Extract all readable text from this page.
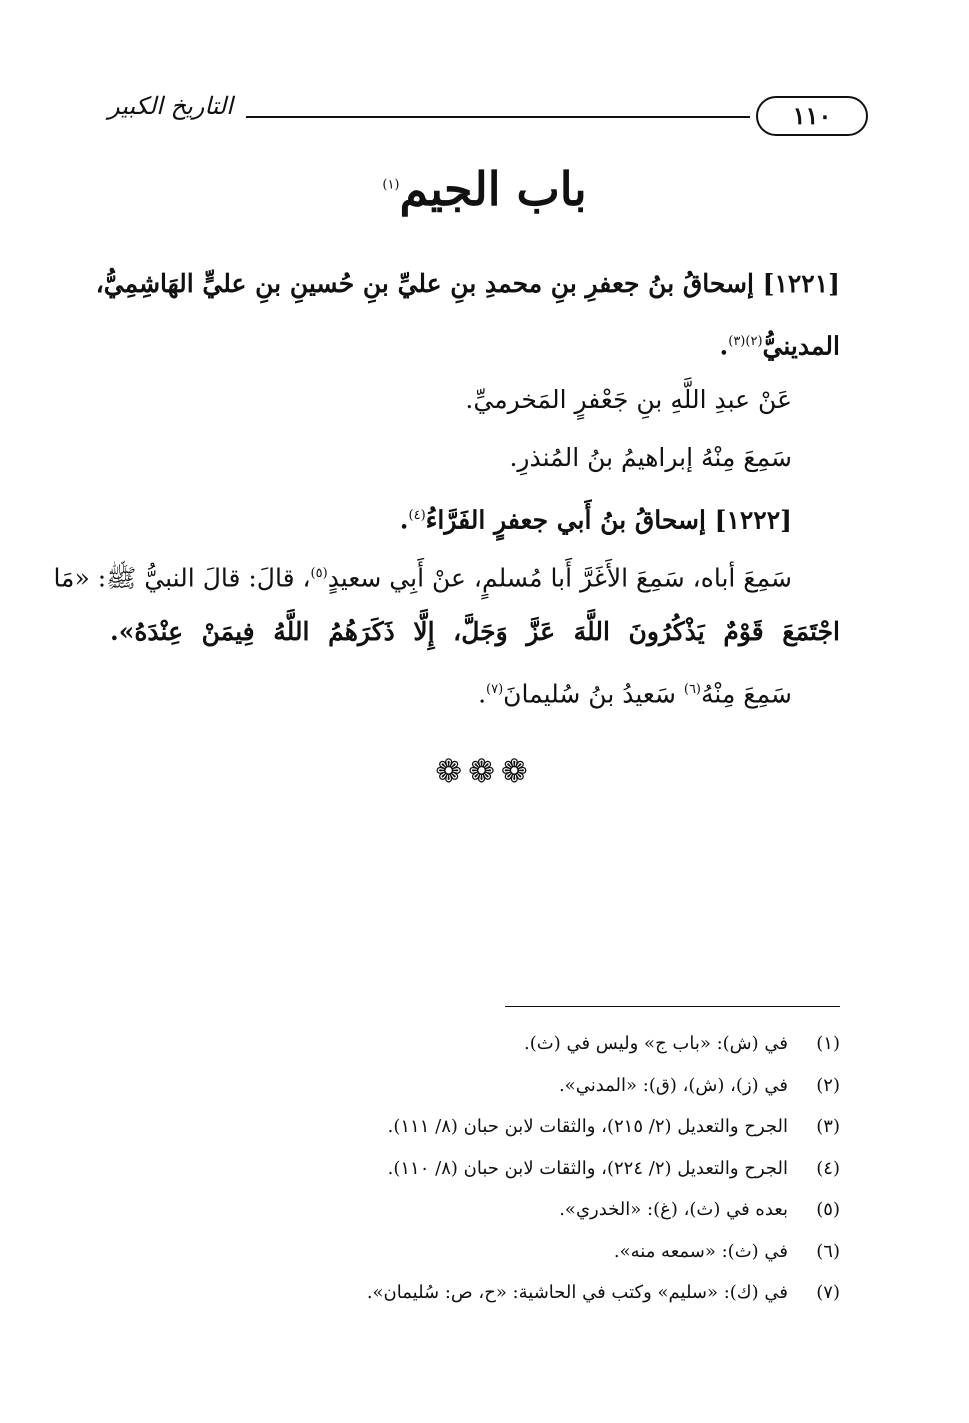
التاريخ الكبير	١١٠
باب الجيم$^{(١)}$
[١٢٢١] إسحاقُ بنُ جعفرِ بنِ محمدِ بنِ عليِّ بنِ حُسينِ بنِ عليٍّ الهَاشِمِيُّ،
المدينيُّ$^{(٢)(٣)}$.
عَنْ عبدِ اللَّهِ بنِ جَعْفرٍ المَخرميِّ.
سَمِعَ مِنْهُ إبراهيمُ بنُ المُنذرِ.
[١٢٢٢] إسحاقُ بنُ أَبي جعفرٍ الفَرَّاءُ$^{(٤)}$.
سَمِعَ أباه، سَمِعَ الأَغَرَّ أَبا مُسلمٍ، عنْ أَبِي سعيدٍ$^{(٥)}$، قالَ: قالَ النبيُّ ﷺ: «مَا
اجْتَمَعَ قَوْمٌ يَذْكُرُونَ اللَّهَ عَزَّ وَجَلَّ، إِلَّا ذَكَرَهُمُ اللَّهُ فِيمَنْ عِنْدَهُ».
سَمِعَ مِنْهُ$^{(٦)}$ سَعيدُ بنُ سُليمانَ$^{(٧)}$.
❁❁❁
(١)في (ش): «باب ج» وليس في (ث).
(٢)في (ز)، (ش)، (ق): «المدني».
(٣)الجرح والتعديل (٢/ ٢١٥)، والثقات لابن حبان (٨/ ١١١).
(٤)الجرح والتعديل (٢/ ٢٢٤)، والثقات لابن حبان (٨/ ١١٠).
(٥)بعده في (ث)، (غ): «الخدري».
(٦)في (ث): «سمعه منه».
(٧)في (ك): «سليم» وكتب في الحاشية: «ح، ص: سُليمان».
